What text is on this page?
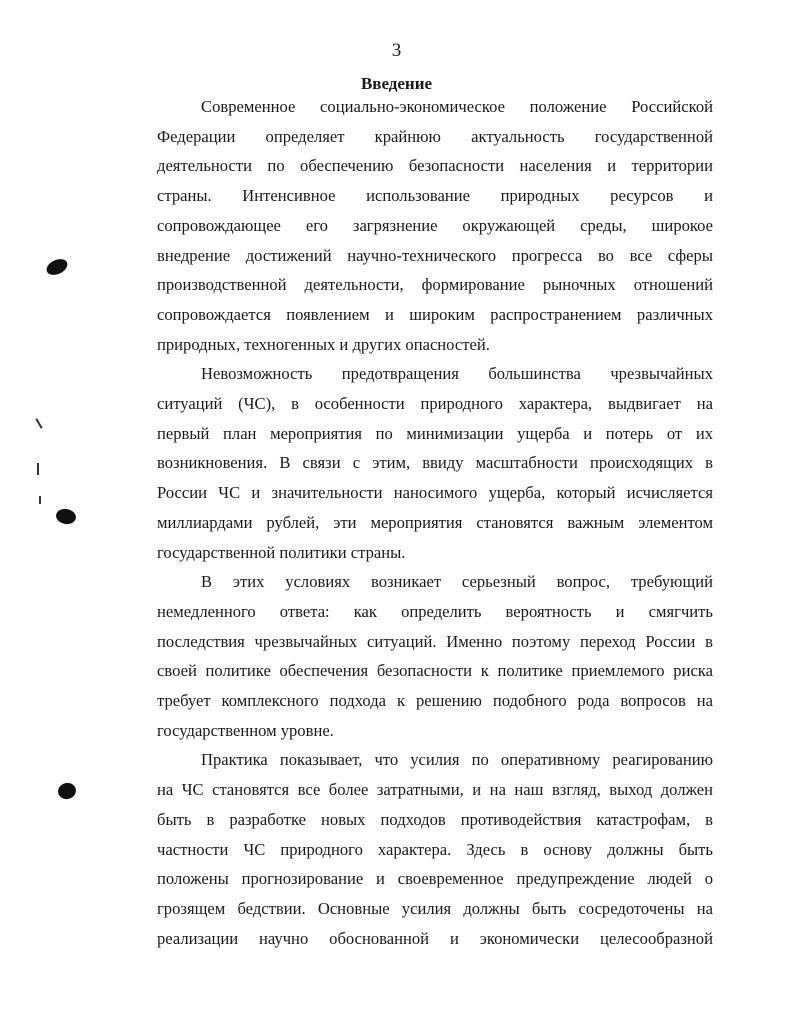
3
Введение

Современное социально-экономическое положение Российской

Федерации определяет крайнюю актуальность государственной

деятельности по обеспечению безопасности населения и территории

страны. Интенсивное использование природных ресурсов и

сопровождающее его загрязнение окружающей среды, широкое

внедрение достижений научно-технического прогресса во все сферы

производственной деятельности, формирование рыночных отношений

сопровождается появлением и широким распространением различных

природных, техногенных и других опасностей.

Невозможность предотвращения большинства чрезвычайных

ситуаций (ЧС), в особенности природного характера, выдвигает на

первый план мероприятия по минимизации ущерба и потерь от их

возникновения. В связи с этим, ввиду масштабности происходящих в

России ЧС и значительности наносимого ущерба, который исчисляется

миллиардами рублей, эти мероприятия становятся важным элементом

государственной политики страны.

В этих условиях возникает серьезный вопрос, требующий

немедленного ответа: как определить вероятность и смягчить

последствия чрезвычайных ситуаций. Именно поэтому переход России в

своей политике обеспечения безопасности к политике приемлемого риска

требует комплексного подхода к решению подобного рода вопросов на

государственном уровне.

Практика показывает, что усилия по оперативному реагированию

на ЧС становятся все более затратными, и на наш взгляд, выход должен

быть в разработке новых подходов противодействия катастрофам, в

частности ЧС природного характера. Здесь в основу должны быть

положены прогнозирование и своевременное предупреждение людей о

грозящем бедствии. Основные усилия должны быть сосредоточены на

реализации научно обоснованной и экономически целесообразной
